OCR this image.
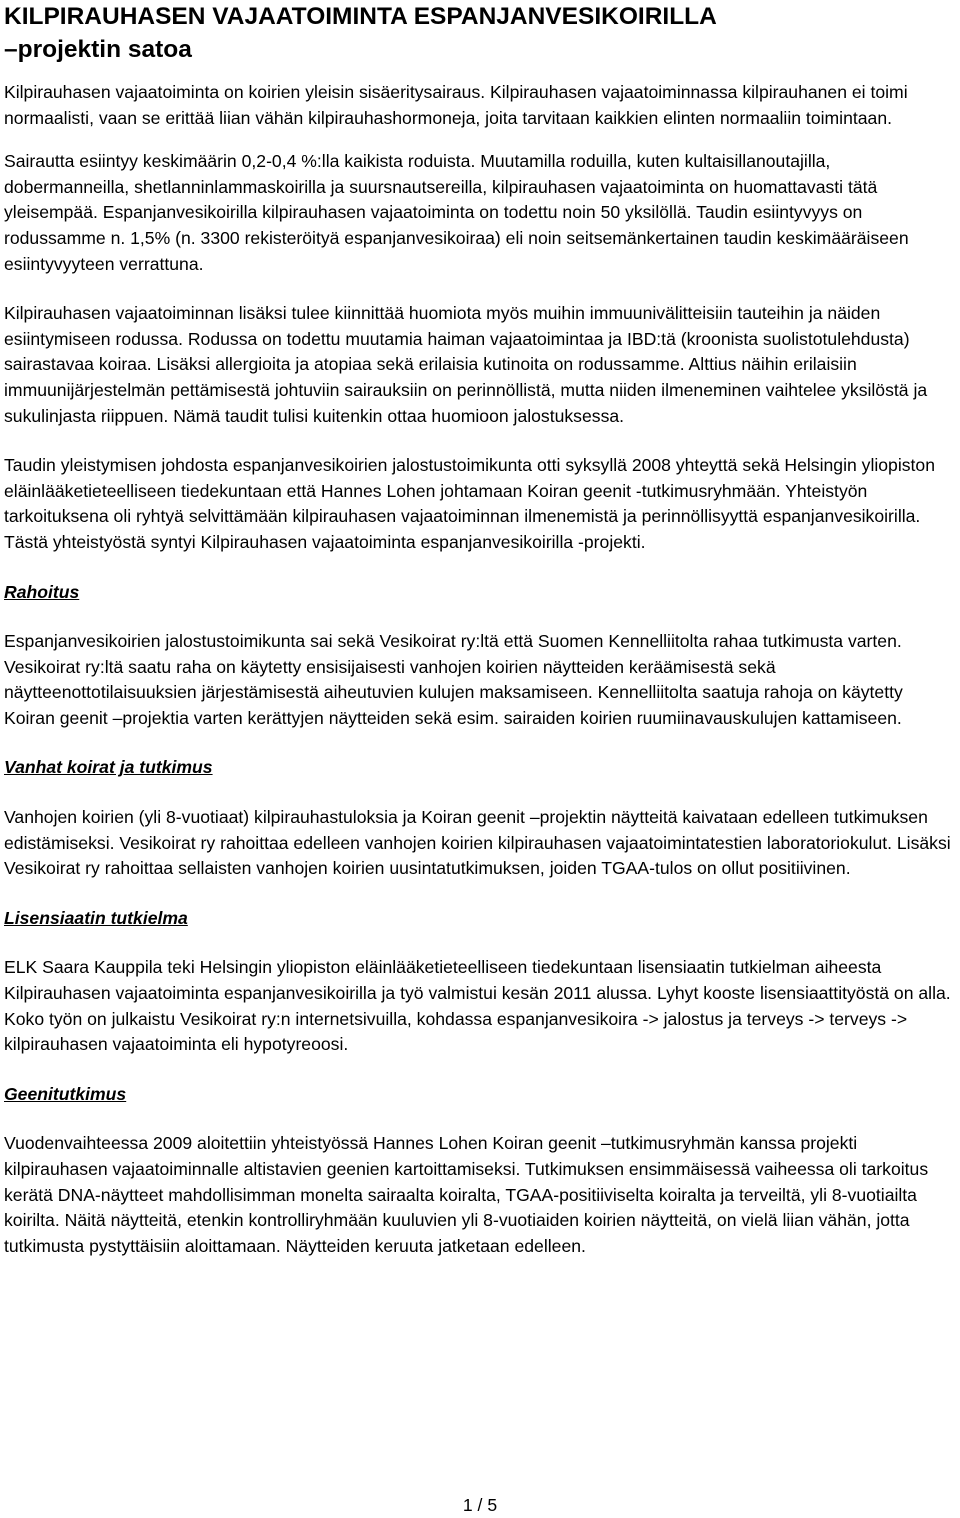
KILPIRAUHASEN VAJAATOIMINTA ESPANJANVESIKOIRILLA
–projektin satoa

Kilpirauhasen vajaatoiminta on koirien yleisin sisäeritysairaus. Kilpirauhasen vajaatoiminnassa kilpirauhanen ei toimi normaalisti, vaan se erittää liian vähän kilpirauhashormoneja, joita tarvitaan kaikkien elinten normaaliin toimintaan.

Sairautta esiintyy keskimäärin 0,2-0,4 %:lla kaikista roduista. Muutamilla roduilla, kuten kultaisillanoutajilla, dobermanneilla, shetlanninlammaskoirilla ja suursnautsereilla, kilpirauhasen vajaatoiminta on huomattavasti tätä yleisempää. Espanjanvesikoirilla kilpirauhasen vajaatoiminta on todettu noin 50 yksilöllä. Taudin esiintyvyys on rodussamme n. 1,5% (n. 3300 rekisteröityä espanjanvesikoiraa) eli noin seitsemänkertainen taudin keskimääräiseen esiintyvyyteen verrattuna.

Kilpirauhasen vajaatoiminnan lisäksi tulee kiinnittää huomiota myös muihin immuunivälitteisiin tauteihin ja näiden esiintymiseen rodussa. Rodussa on todettu muutamia haiman vajaatoimintaa ja IBD:tä (kroonista suolistotulehdusta) sairastavaa koiraa. Lisäksi allergioita ja atopiaa sekä erilaisia kutinoita on rodussamme. Alttius näihin erilaisiin immuunijärjestelmän pettämisestä johtuviin sairauksiin on perinnöllistä, mutta niiden ilmeneminen vaihtelee yksilöstä ja sukulinjasta riippuen. Nämä taudit tulisi kuitenkin ottaa huomioon jalostuksessa.

Taudin yleistymisen johdosta espanjanvesikoirien jalostustoimikunta otti syksyllä 2008 yhteyttä sekä Helsingin yliopiston eläinlääketieteelliseen tiedekuntaan että Hannes Lohen johtamaan Koiran geenit -tutkimusryhmään. Yhteistyön tarkoituksena oli ryhtyä selvittämään kilpirauhasen vajaatoiminnan ilmenemistä ja perinnöllisyyttä espanjanvesikoirilla. Tästä yhteistyöstä syntyi Kilpirauhasen vajaatoiminta espanjanvesikoirilla -projekti.

Rahoitus

Espanjanvesikoirien jalostustoimikunta sai sekä Vesikoirat ry:ltä että Suomen Kennelliitolta rahaa tutkimusta varten. Vesikoirat ry:ltä saatu raha on käytetty ensisijaisesti vanhojen koirien näytteiden keräämisestä sekä näytteenottotilaisuuksien järjestämisestä aiheutuvien kulujen maksamiseen. Kennelliitolta saatuja rahoja on käytetty Koiran geenit –projektia varten kerättyjen näytteiden sekä esim. sairaiden koirien ruumiinavauskulujen kattamiseen.

Vanhat koirat ja tutkimus

Vanhojen koirien (yli 8-vuotiaat) kilpirauhastuloksia ja Koiran geenit –projektin näytteitä kaivataan edelleen tutkimuksen edistämiseksi. Vesikoirat ry rahoittaa edelleen vanhojen koirien kilpirauhasen vajaatoimintatestien laboratoriokulut. Lisäksi Vesikoirat ry rahoittaa sellaisten vanhojen koirien uusintatutkimuksen, joiden TGAA-tulos on ollut positiivinen.

Lisensiaatin tutkielma

ELK Saara Kauppila teki Helsingin yliopiston eläinlääketieteelliseen tiedekuntaan lisensiaatin tutkielman aiheesta Kilpirauhasen vajaatoiminta espanjanvesikoirilla ja työ valmistui kesän 2011 alussa. Lyhyt kooste lisensiaattityöstä on alla. Koko työn on julkaistu Vesikoirat ry:n internetsivuilla, kohdassa espanjanvesikoira -> jalostus ja terveys -> terveys -> kilpirauhasen vajaatoiminta eli hypotyreoosi.

Geenitutkimus

Vuodenvaihteessa 2009 aloitettiin yhteistyössä Hannes Lohen Koiran geenit –tutkimusryhmän kanssa projekti kilpirauhasen vajaatoiminnalle altistavien geenien kartoittamiseksi. Tutkimuksen ensimmäisessä vaiheessa oli tarkoitus kerätä DNA-näytteet mahdollisimman monelta sairaalta koiralta, TGAA-positiiviselta koiralta ja terveiltä, yli 8-vuotiailta koirilta. Näitä näytteitä, etenkin kontrolliryhmään kuuluvien yli 8-vuotiaiden koirien näytteitä, on vielä liian vähän, jotta tutkimusta pystyttäisiin aloittamaan. Näytteiden keruuta jatketaan edelleen.

1 / 5
